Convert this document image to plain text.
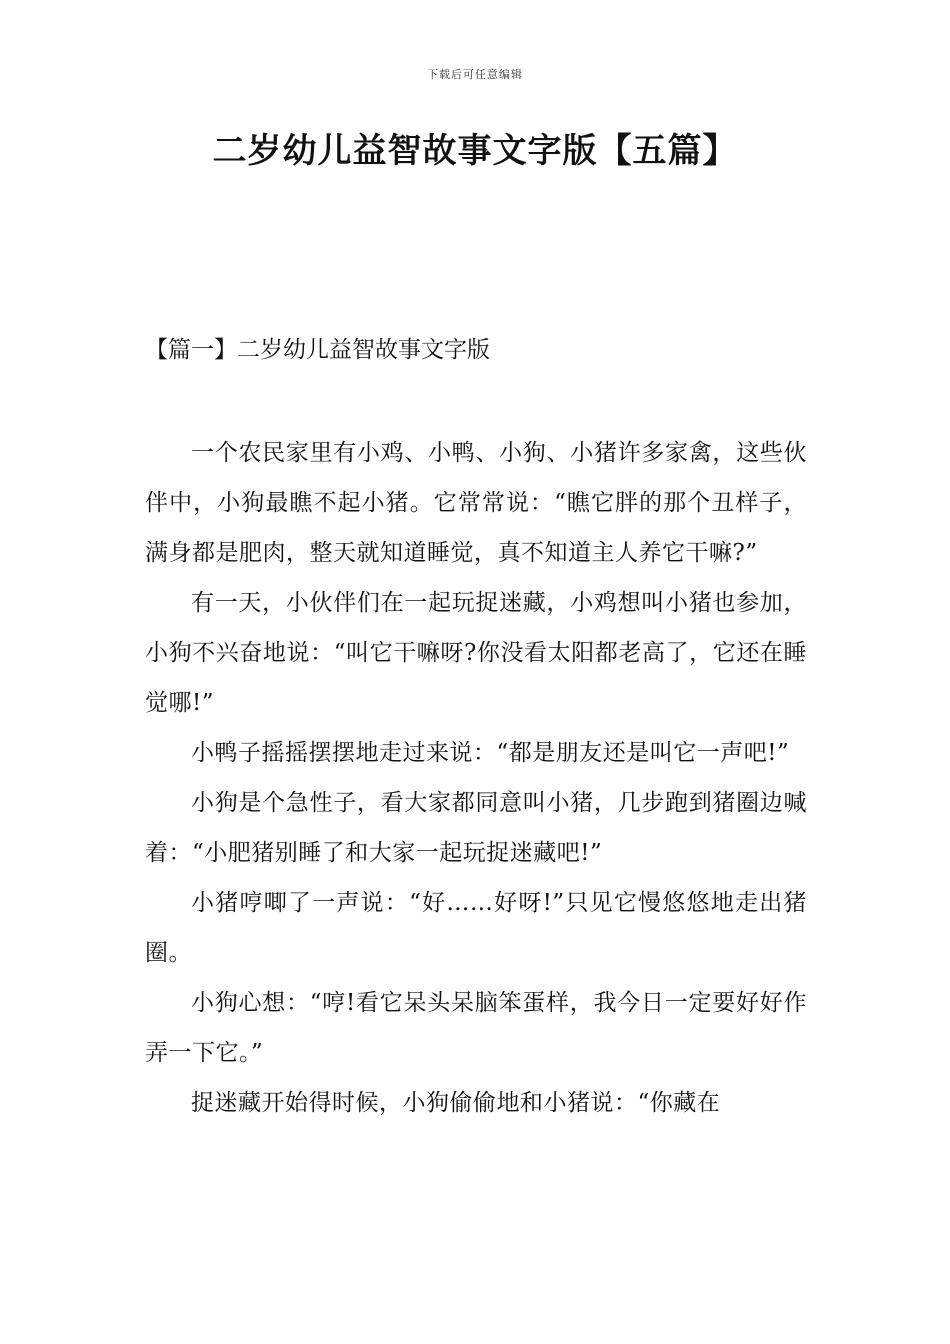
下载后可任意编辑
二岁幼儿益智故事文字版【五篇】
【篇一】二岁幼儿益智故事文字版

一个农民家里有小鸡、小鸭、小狗、小猪许多家禽，这些伙伴中，小狗最瞧不起小猪。它常常说：“瞧它胖的那个丑样子，满身都是肥肉，整天就知道睡觉，真不知道主人养它干嘛?”

有一天，小伙伴们在一起玩捉迷藏，小鸡想叫小猪也参加，小狗不兴奋地说：“叫它干嘛呀?你没看太阳都老高了，它还在睡觉哪!”

小鸭子摇摇摆摆地走过来说：“都是朋友还是叫它一声吧!”

小狗是个急性子，看大家都同意叫小猪，几步跑到猪圈边喊着：“小肥猪别睡了和大家一起玩捉迷藏吧!”

小猪哼唧了一声说：“好……好呀!”只见它慢悠悠地走出猪圈。

小狗心想：“哼!看它呆头呆脑笨蛋样，我今日一定要好好作弄一下它。”

捉迷藏开始得时候，小狗偷偷地和小猪说：“你藏在
